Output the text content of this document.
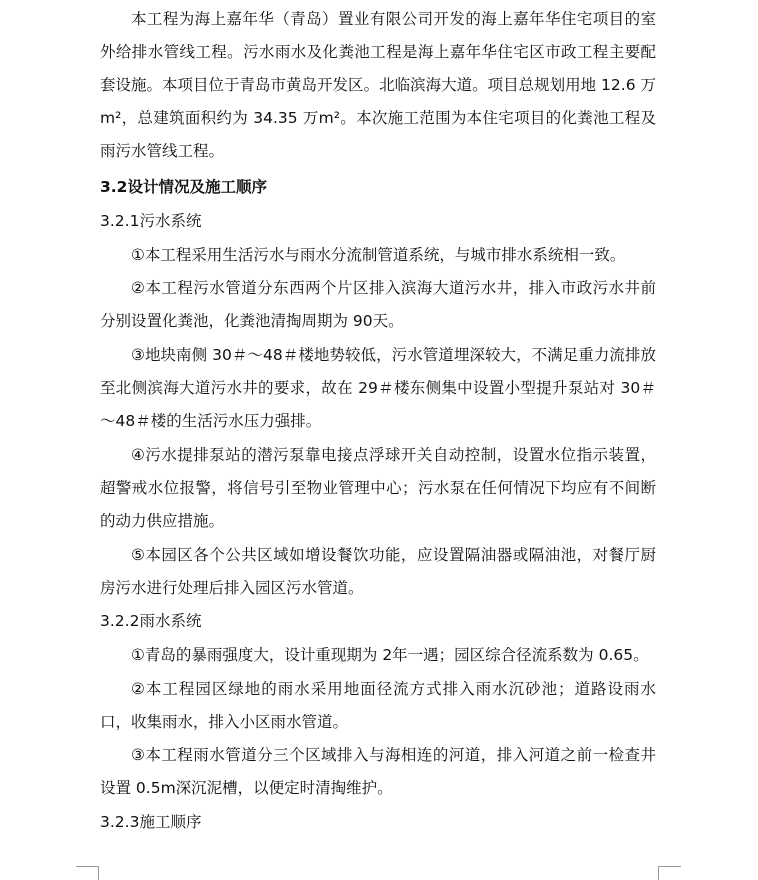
本工程为海上嘉年华（青岛）置业有限公司开发的海上嘉年华住宅项目的室外给排水管线工程。污水雨水及化粪池工程是海上嘉年华住宅区市政工程主要配套设施。本项目位于青岛市黄岛开发区。北临滨海大道。项目总规划用地 12.6 万m²，总建筑面积约为 34.35 万m²。本次施工范围为本住宅项目的化粪池工程及雨污水管线工程。

3.2设计情况及施工顺序

3.2.1污水系统

①本工程采用生活污水与雨水分流制管道系统，与城市排水系统相一致。

②本工程污水管道分东西两个片区排入滨海大道污水井，排入市政污水井前分别设置化粪池，化粪池清掏周期为 90天。

③地块南侧 30＃～48＃楼地势较低，污水管道埋深较大，不满足重力流排放至北侧滨海大道污水井的要求，故在 29＃楼东侧集中设置小型提升泵站对 30＃～48＃楼的生活污水压力强排。

④污水提排泵站的潜污泵靠电接点浮球开关自动控制，设置水位指示装置，超警戒水位报警，将信号引至物业管理中心；污水泵在任何情况下均应有不间断的动力供应措施。

⑤本园区各个公共区域如增设餐饮功能，应设置隔油器或隔油池，对餐厅厨房污水进行处理后排入园区污水管道。

3.2.2雨水系统

①青岛的暴雨强度大，设计重现期为 2年一遇；园区综合径流系数为 0.65。

②本工程园区绿地的雨水采用地面径流方式排入雨水沉砂池；道路设雨水口，收集雨水，排入小区雨水管道。

③本工程雨水管道分三个区域排入与海相连的河道，排入河道之前一检查井设置 0.5m深沉泥槽，以便定时清掏维护。

3.2.3施工顺序
